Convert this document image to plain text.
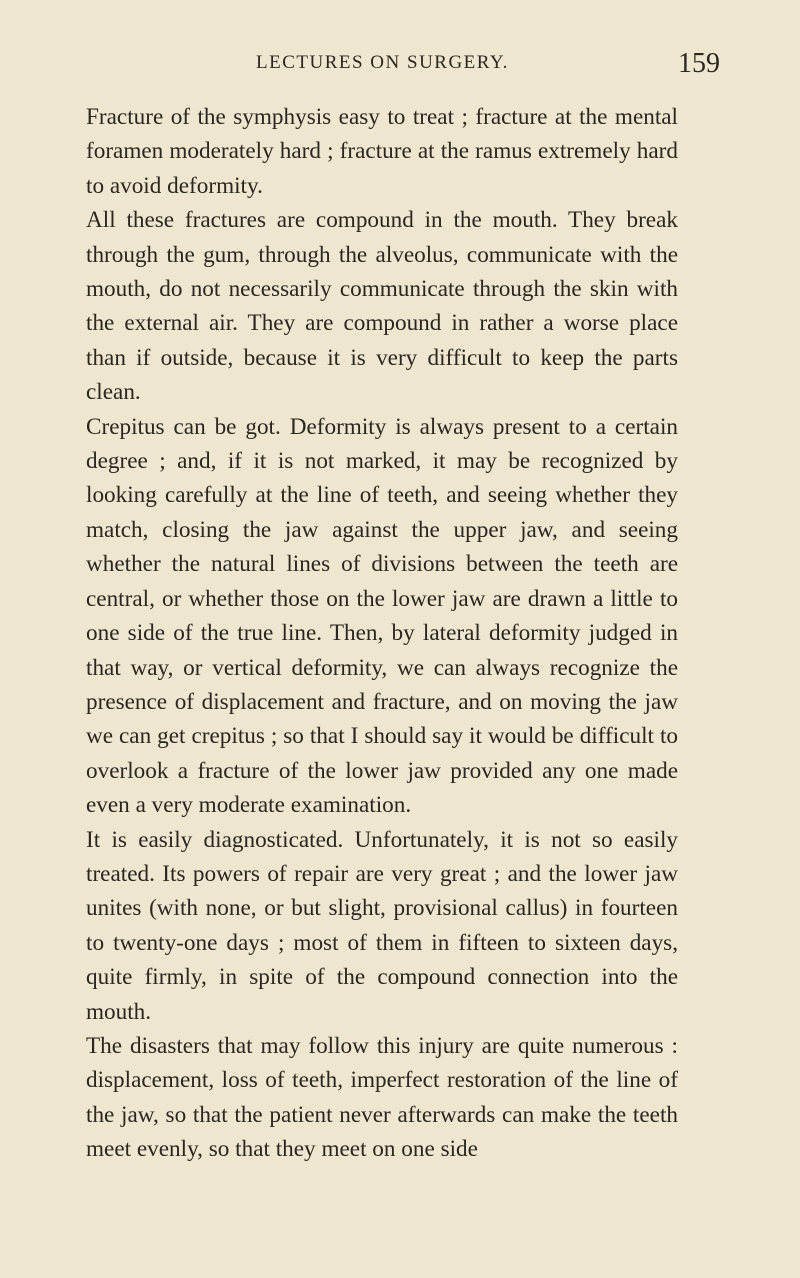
LECTURES ON SURGERY.	159

Fracture of the symphysis easy to treat ; fracture at the mental foramen moderately hard ; fracture at the ramus extremely hard to avoid deformity.

All these fractures are compound in the mouth. They break through the gum, through the alveolus, communicate with the mouth, do not necessarily communicate through the skin with the external air. They are compound in rather a worse place than if outside, because it is very difficult to keep the parts clean.

Crepitus can be got. Deformity is always present to a certain degree ; and, if it is not marked, it may be recognized by looking carefully at the line of teeth, and seeing whether they match, closing the jaw against the upper jaw, and seeing whether the natural lines of divisions between the teeth are central, or whether those on the lower jaw are drawn a little to one side of the true line. Then, by lateral deformity judged in that way, or vertical deformity, we can always recognize the presence of displacement and fracture, and on moving the jaw we can get crepitus ; so that I should say it would be difficult to overlook a fracture of the lower jaw provided any one made even a very moderate examination.

It is easily diagnosticated. Unfortunately, it is not so easily treated. Its powers of repair are very great ; and the lower jaw unites (with none, or but slight, provisional callus) in fourteen to twenty-one days ; most of them in fifteen to sixteen days, quite firmly, in spite of the compound connection into the mouth.

The disasters that may follow this injury are quite numerous : displacement, loss of teeth, imperfect restoration of the line of the jaw, so that the patient never afterwards can make the teeth meet evenly, so that they meet on one side
